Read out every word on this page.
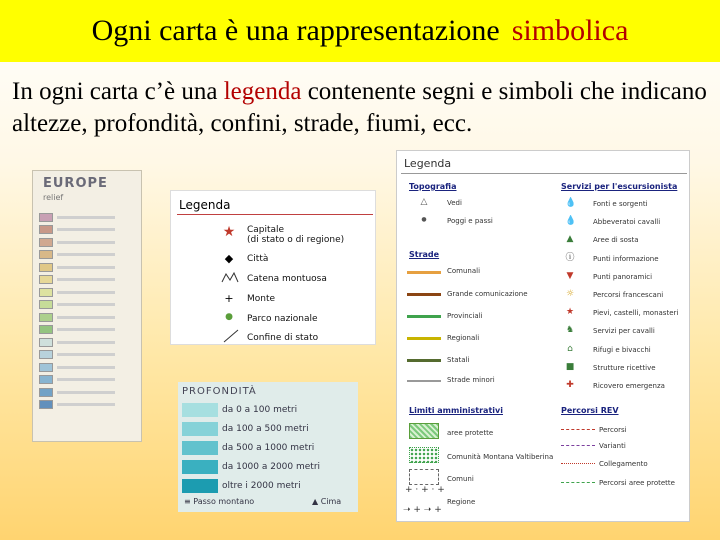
Ogni carta è una rappresentazione simbolica
In ogni carta c’è una legenda contenente segni e simboli che indicano altezze, profondità, confini, strade, fiumi, ecc.
EUROPE
relief
Legenda
★	Capitale
(di stato o di regione)
◆	Città
Catena montuosa
+	Monte
●	Parco nazionale
Confine di stato
PROFONDITÀ
da 0 a 100 metri
da 100 a 500 metri
da 500 a 1000 metri
da 1000 a 2000 metri
oltre i 2000 metri
≡ Passo montano	▲ Cima
Legenda
Topografia
△	Vedi
●	Poggi e passi
Strade
Comunali
Grande comunicazione
Provinciali
Regionali
Statali
Strade minori
Servizi per l'escursionista
💧 Fonti e sorgenti
💧 Abbeveratoi cavalli
▲	Aree di sosta
ⓘ	Punti informazione
▼	Punti panoramici
☼	Percorsi francescani
★	Pievi, castelli, monasteri
♞	Servizi per cavalli
⌂	Rifugi e bivacchi
■	Strutture ricettive
✚	Ricovero emergenza
Limiti amministrativi
aree protette
Comunità Montana Valtiberina
Comuni
+ · + · +
Regione
➝ + ➝ +
Percorsi REV
Percorsi
Varianti
Collegamento
Percorsi aree protette
